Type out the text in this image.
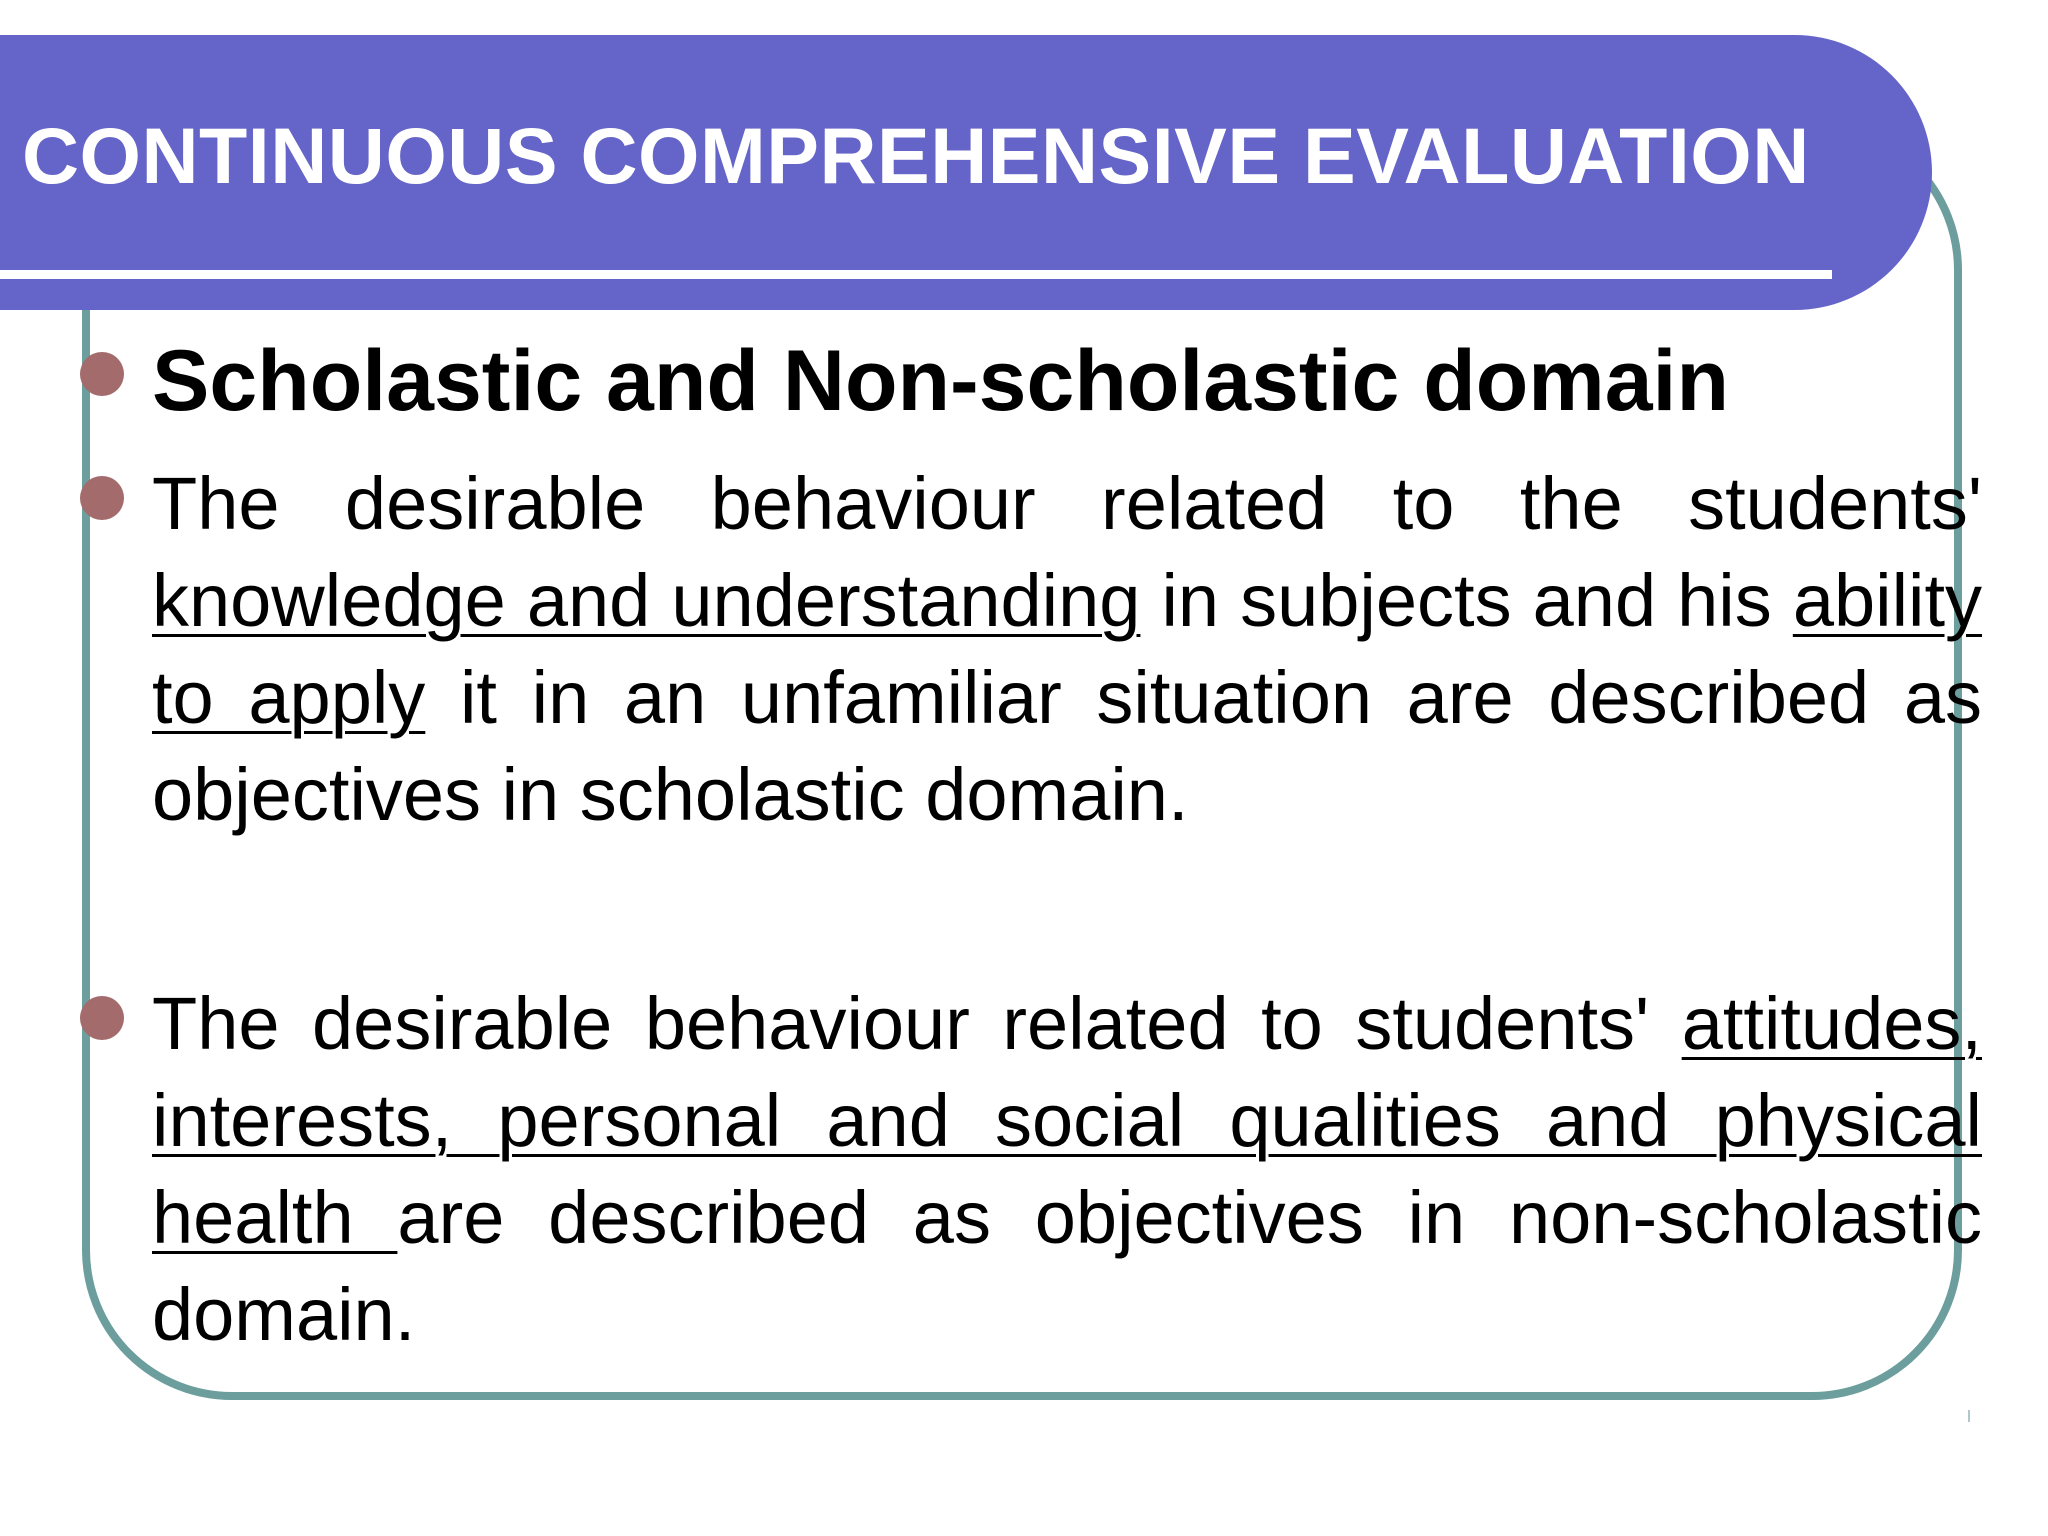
CONTINUOUS COMPREHENSIVE EVALUATION
Scholastic and Non-scholastic domain
The desirable behaviour related to the students' knowledge and understanding in subjects and his ability to apply it in an unfamiliar situation are described as objectives in scholastic domain.
The desirable behaviour related to students' attitudes, interests, personal and social qualities and physical health are described as objectives in non-scholastic domain.
